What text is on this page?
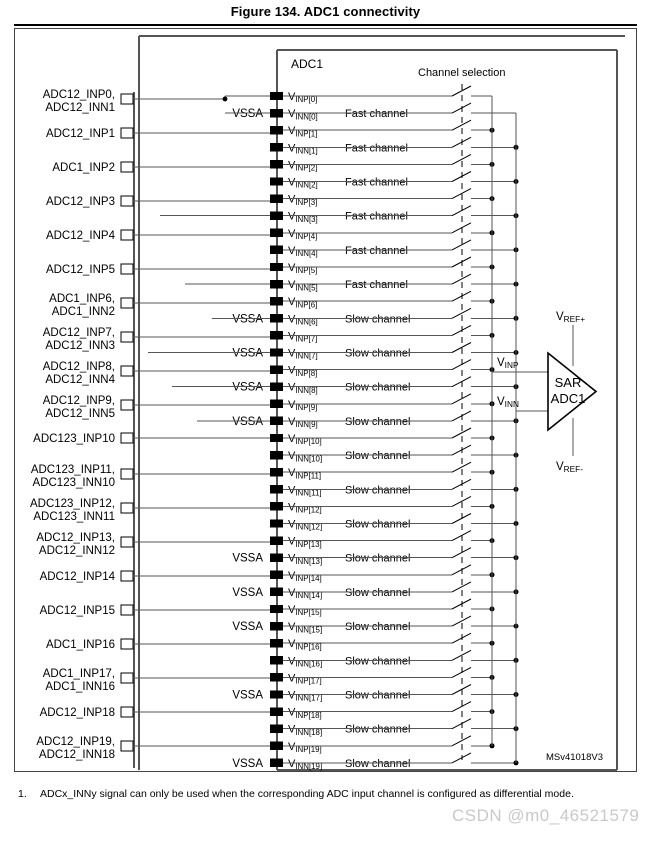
Figure 134. ADC1 connectivity
ADC1
Channel selection
$V_{INP[0]}$
$V_{INN[0]}$ Fast channel
VSSA
$V_{INP[1]}$
$V_{INN[1]}$ Fast channel
$V_{INP[2]}$
$V_{INN[2]}$ Fast channel
$V_{INP[3]}$
$V_{INN[3]}$ Fast channel
$V_{INP[4]}$
$V_{INN[4]}$ Fast channel
$V_{INP[5]}$
$V_{INN[5]}$ Fast channel
$V_{INP[6]}$
$V_{INN[6]}$ Slow channel
VSSA
$V_{INP[7]}$
$V_{INN[7]}$ Slow channel
VSSA
$V_{INP[8]}$
$V_{INN[8]}$ Slow channel
VSSA
$V_{INP[9]}$
$V_{INN[9]}$ Slow channel
VSSA
$V_{INP[10]}$
$V_{INN[10]}$ Slow channel
$V_{INP[11]}$
$V_{INN[11]}$ Slow channel
$V_{INP[12]}$
$V_{INN[12]}$ Slow channel
$V_{INP[13]}$
$V_{INN[13]}$ Slow channel
VSSA
$V_{INP[14]}$
$V_{INN[14]}$ Slow channel
VSSA
$V_{INP[15]}$
$V_{INN[15]}$ Slow channel
VSSA
$V_{INP[16]}$
$V_{INN[16]}$ Slow channel
$V_{INP[17]}$
$V_{INN[17]}$ Slow channel
VSSA
$V_{INP[18]}$
$V_{INN[18]}$ Slow channel
$V_{INP[19]}$
$V_{INN[19]}$ Slow channel
VSSA
VINP
VINN
SAR
ADC1
VREF+
VREF-
ADC12_INP0,
ADC12_INN1
ADC12_INP1
ADC1_INP2
ADC12_INP3
ADC12_INP4
ADC12_INP5
ADC1_INP6,
ADC1_INN2
ADC12_INP7,
ADC12_INN3
ADC12_INP8,
ADC12_INN4
ADC12_INP9,
ADC12_INN5
ADC123_INP10
ADC123_INP11,
ADC123_INN10
ADC123_INP12,
ADC123_INN11
ADC12_INP13,
ADC12_INN12
ADC12_INP14
ADC12_INP15
ADC1_INP16
ADC1_INP17,
ADC1_INN16
ADC12_INP18
ADC12_INP19,
ADC12_INN18	MSv41018V3
1. ADCx_INNy signal can only be used when the corresponding ADC input channel is configured as differential mode.
CSDN @m0_46521579
